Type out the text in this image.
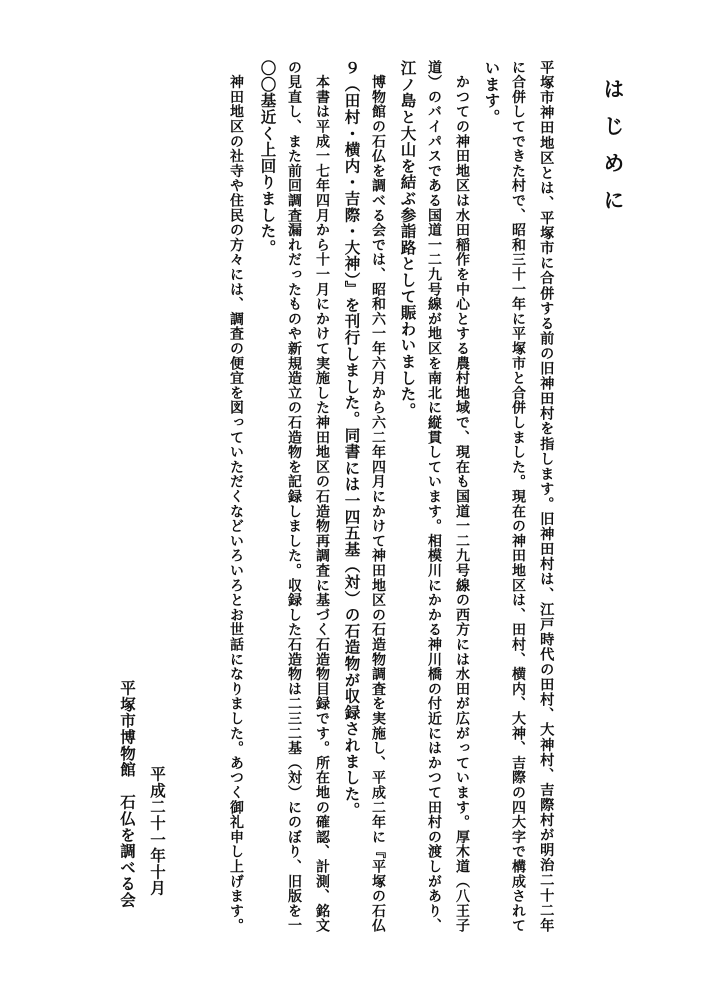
はじめに
平塚市神田地区とは、平塚市に合併する前の旧神田村を指します。旧神田村は、江戸時代の田村、大神村、吉際村が明治二十二年
に合併してできた村で、昭和三十一年に平塚市と合併しました。現在の神田地区は、田村、横内、大神、吉際の四大字で構成されて
います。
　かつての神田地区は水田稲作を中心とする農村地域で、現在も国道一二九号線の西方には水田が広がっています。厚木道（八王子
道）のバイパスである国道一二九号線が地区を南北に縦貫しています。相模川にかかる神川橋の付近にはかつて田村の渡しがあり、
江ノ島と大山を結ぶ参詣路として賑わいました。
　博物館の石仏を調べる会では、昭和六一年六月から六二年四月にかけて神田地区の石造物調査を実施し、平成二年に『平塚の石仏
９（田村・横内・吉際・大神）』を刊行しました。同書には一四五基（対）の石造物が収録されました。
　本書は平成一七年四月から十一月にかけて実施した神田地区の石造物再調査に基づく石造物目録です。所在地の確認、計測、銘文
の見直し、また前回調査漏れだったものや新規造立の石造物を記録しました。収録した石造物は二三二基（対）にのぼり、旧版を一
〇〇基近く上回りました。
　神田地区の社寺や住民の方々には、調査の便宜を図っていただくなどいろいろとお世話になりました。あつく御礼申し上げます。
平成二十一年十月
平塚市博物館　石仏を調べる会
